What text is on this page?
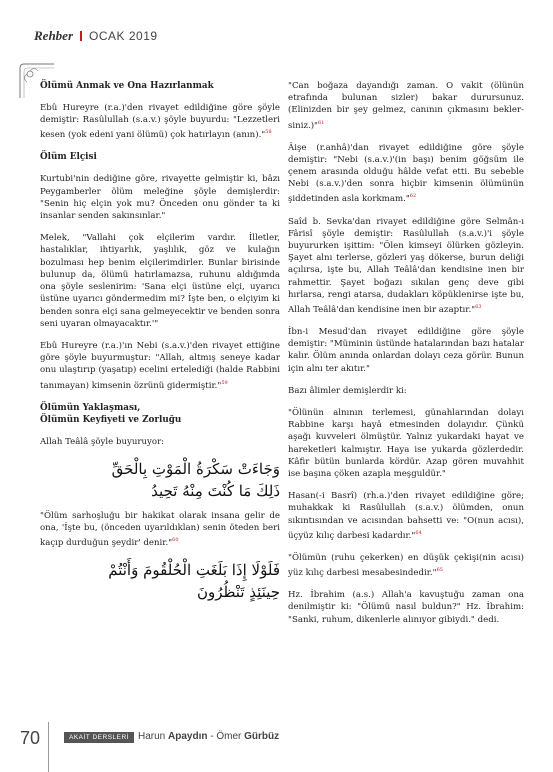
Rehber OCAK 2019
Ölümü Anmak ve Ona Hazırlanmak

Ebû Hureyre (r.a.)'den rivayet edildiğine göre şöyle demiştir: Rasûlullah (s.a.v.) şöyle buyurdu: "Lezzetleri kesen (yok edeni yani ölümü) çok hatırlayın (anın)."$^{58}$

Ölüm Elçisi

Kurtubi'nin dediğine göre, rivayette gelmiştir ki, bâzı Peygamberler ölüm meleğine şöyle demişlerdir: "Senin hiç elçin yok mu? Önceden onu gönder ta ki insanlar senden sakınsınlar."

Melek, "Vallahi çok elçilerim vardır. İlletler, hastalıklar, ihtiyarlık, yaşlılık, göz ve kulağın bozulması hep benim elçilerimdirler. Bunlar birisinde bulunup da, ölümü hatırlamazsa, ruhunu aldığımda ona şöyle seslenirim: 'Sana elçi üstüne elçi, uyarıcı üstüne uyarıcı göndermedim mi? İşte ben, o elçiyim ki benden sonra elçi sana gelmeyecektir ve benden sonra seni uyaran olmayacaktır.'"

Ebû Hureyre (r.a.)'ın Nebi (s.a.v.)'den rivayet ettiğine göre şöyle buyurmuştur: "Allah, altmış seneye kadar onu ulaştırıp (yaşatıp) ecelini ertelediği (halde Rabbini tanımayan) kimsenin özrünü gidermiştir."$^{59}$

Ölümün Yaklaşması,
Ölümün Keyfiyeti ve Zorluğu

Allah Teâlâ şöyle buyuruyor:

وَجَاءَتْ سَكْرَةُ الْمَوْتِ بِالْحَقِّ
ذَلِكَ مَا كُنْتَ مِنْهُ تَحِيدُ

"Ölüm sarhoşluğu bir hakikat olarak insana gelir de ona, 'İşte bu, (önceden uyarıldıklan) senin öteden beri kaçıp durduğun şeydir' denir."$^{60}$

فَلَوْلَا إِذَا بَلَغَتِ الْحُلْقُومَ وَأَنْتُمْ
حِينَئِذٍ تَنْظُرُونَ

"Can boğaza dayandığı zaman. O vakit (ölünün etrafında bulunan sizler) bakar durursunuz. (Elinizden bir şey gelmez, canının çıkmasını beklersiniz.)"$^{61}$

Âişe (r.anhâ)'dan rivayet edildiğine göre şöyle demiştir: "Nebi (s.a.v.)'(in başı) benim göğsüm ile çenem arasında olduğu hâlde vefat etti. Bu sebeble Nebi (s.a.v.)'den sonra hiçbir kimsenin ölümünün şiddetinden asla korkmam."$^{62}$

Saîd b. Sevka'dan rivayet edildiğine göre Selmân-ı Fârisî şöyle demiştir: Rasûlullah (s.a.v.)'i şöyle buyururken işittim: "Ölen kimseyi ölürken gözleyin. Şayet alnı terlerse, gözleri yaş dökerse, burun deliği açılırsa, işte bu, Allah Teâlâ'dan kendisine inen bir rahmettir. Şayet boğazı sıkılan genç deve gibi hırlarsa, rengi atarsa, dudakları köpüklenirse işte bu, Allah Teâlâ'dan kendisine inen bir azaptır."$^{63}$

İbn-i Mesud'dan rivayet edildiğine göre şöyle demiştir: "Müminin üstünde hatalarından bazı hatalar kalır. Ölüm anında onlardan dolayı ceza görür. Bunun için alnı ter akıtır."

Bazı âlimler demişlerdir ki:

"Ölünün alnının terlemesi, günahlarından dolayı Rabbine karşı hayâ etmesinden dolayıdır. Çünkü aşağı kuvveleri ölmüştür. Yalnız yukardaki hayat ve hareketleri kalmıştır. Haya ise yukarda gözlerdedir. Kâfir bütün bunlarda kördür. Azap gören muvahhit ise başına çöken azapla meşguldür."

Hasan(-i Basrî) (rh.a.)'den rivayet edildiğine göre; muhakkak ki Rasûlullah (s.a.v.) ölümden, onun sıkıntısından ve acısından bahsetti ve: "O(nun acısı), üçyüz kılıç darbesi kadardır."$^{64}$

"Ölümün (ruhu çekerken) en düşük çekişi(nin acısı) yüz kılıç darbesi mesabesindedir."$^{65}$

Hz. İbrahim (a.s.) Allah'a kavuştuğu zaman ona denilmiştir ki: "Ölümü nasıl buldun?" Hz. İbrahim: "Sanki, ruhum, dikenlerle alınıyor gibiydi." dedi.

70	AKAİT DERSLERİ Harun Apaydın - Ömer Gürbüz
